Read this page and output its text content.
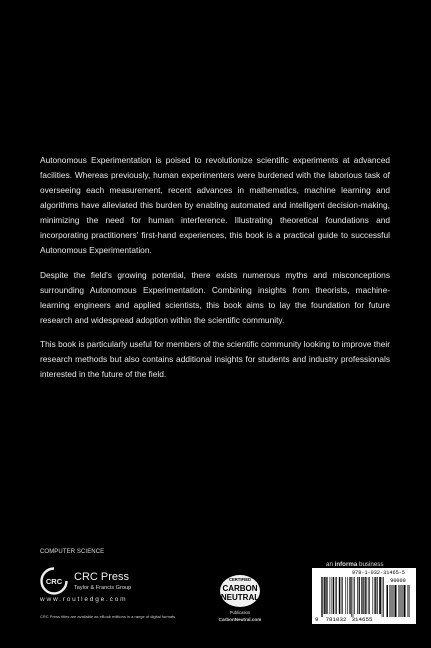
Autonomous Experimentation is poised to revolutionize scientific experiments at advanced facilities. Whereas previously, human experimenters were burdened with the laborious task of overseeing each measurement, recent advances in mathematics, machine learning and algorithms have alleviated this burden by enabling automated and intelligent decision-making, minimizing the need for human interference. Illustrating theoretical foundations and incorporating practitioners' first-hand experiences, this book is a practical guide to successful Autonomous Experimentation.

Despite the field's growing potential, there exists numerous myths and misconceptions surrounding Autonomous Experimentation. Combining insights from theorists, machine-learning engineers and applied scientists, this book aims to lay the foundation for future research and widespread adoption within the scientific community.

This book is particularly useful for members of the scientific community looking to improve their research methods but also contains additional insights for students and industry professionals interested in the future of the field.

COMPUTER SCIENCE
an informa business
CRC CRC Press
Taylor & Francis Group
www.routledge.com
CRC Press titles are available as eBook editions in a range of digital formats
CERTIFIED
CARBON
NEUTRAL
Publication
CarbonNeutral.com
978-1-032-31465-5
9 781032 314655
90000
